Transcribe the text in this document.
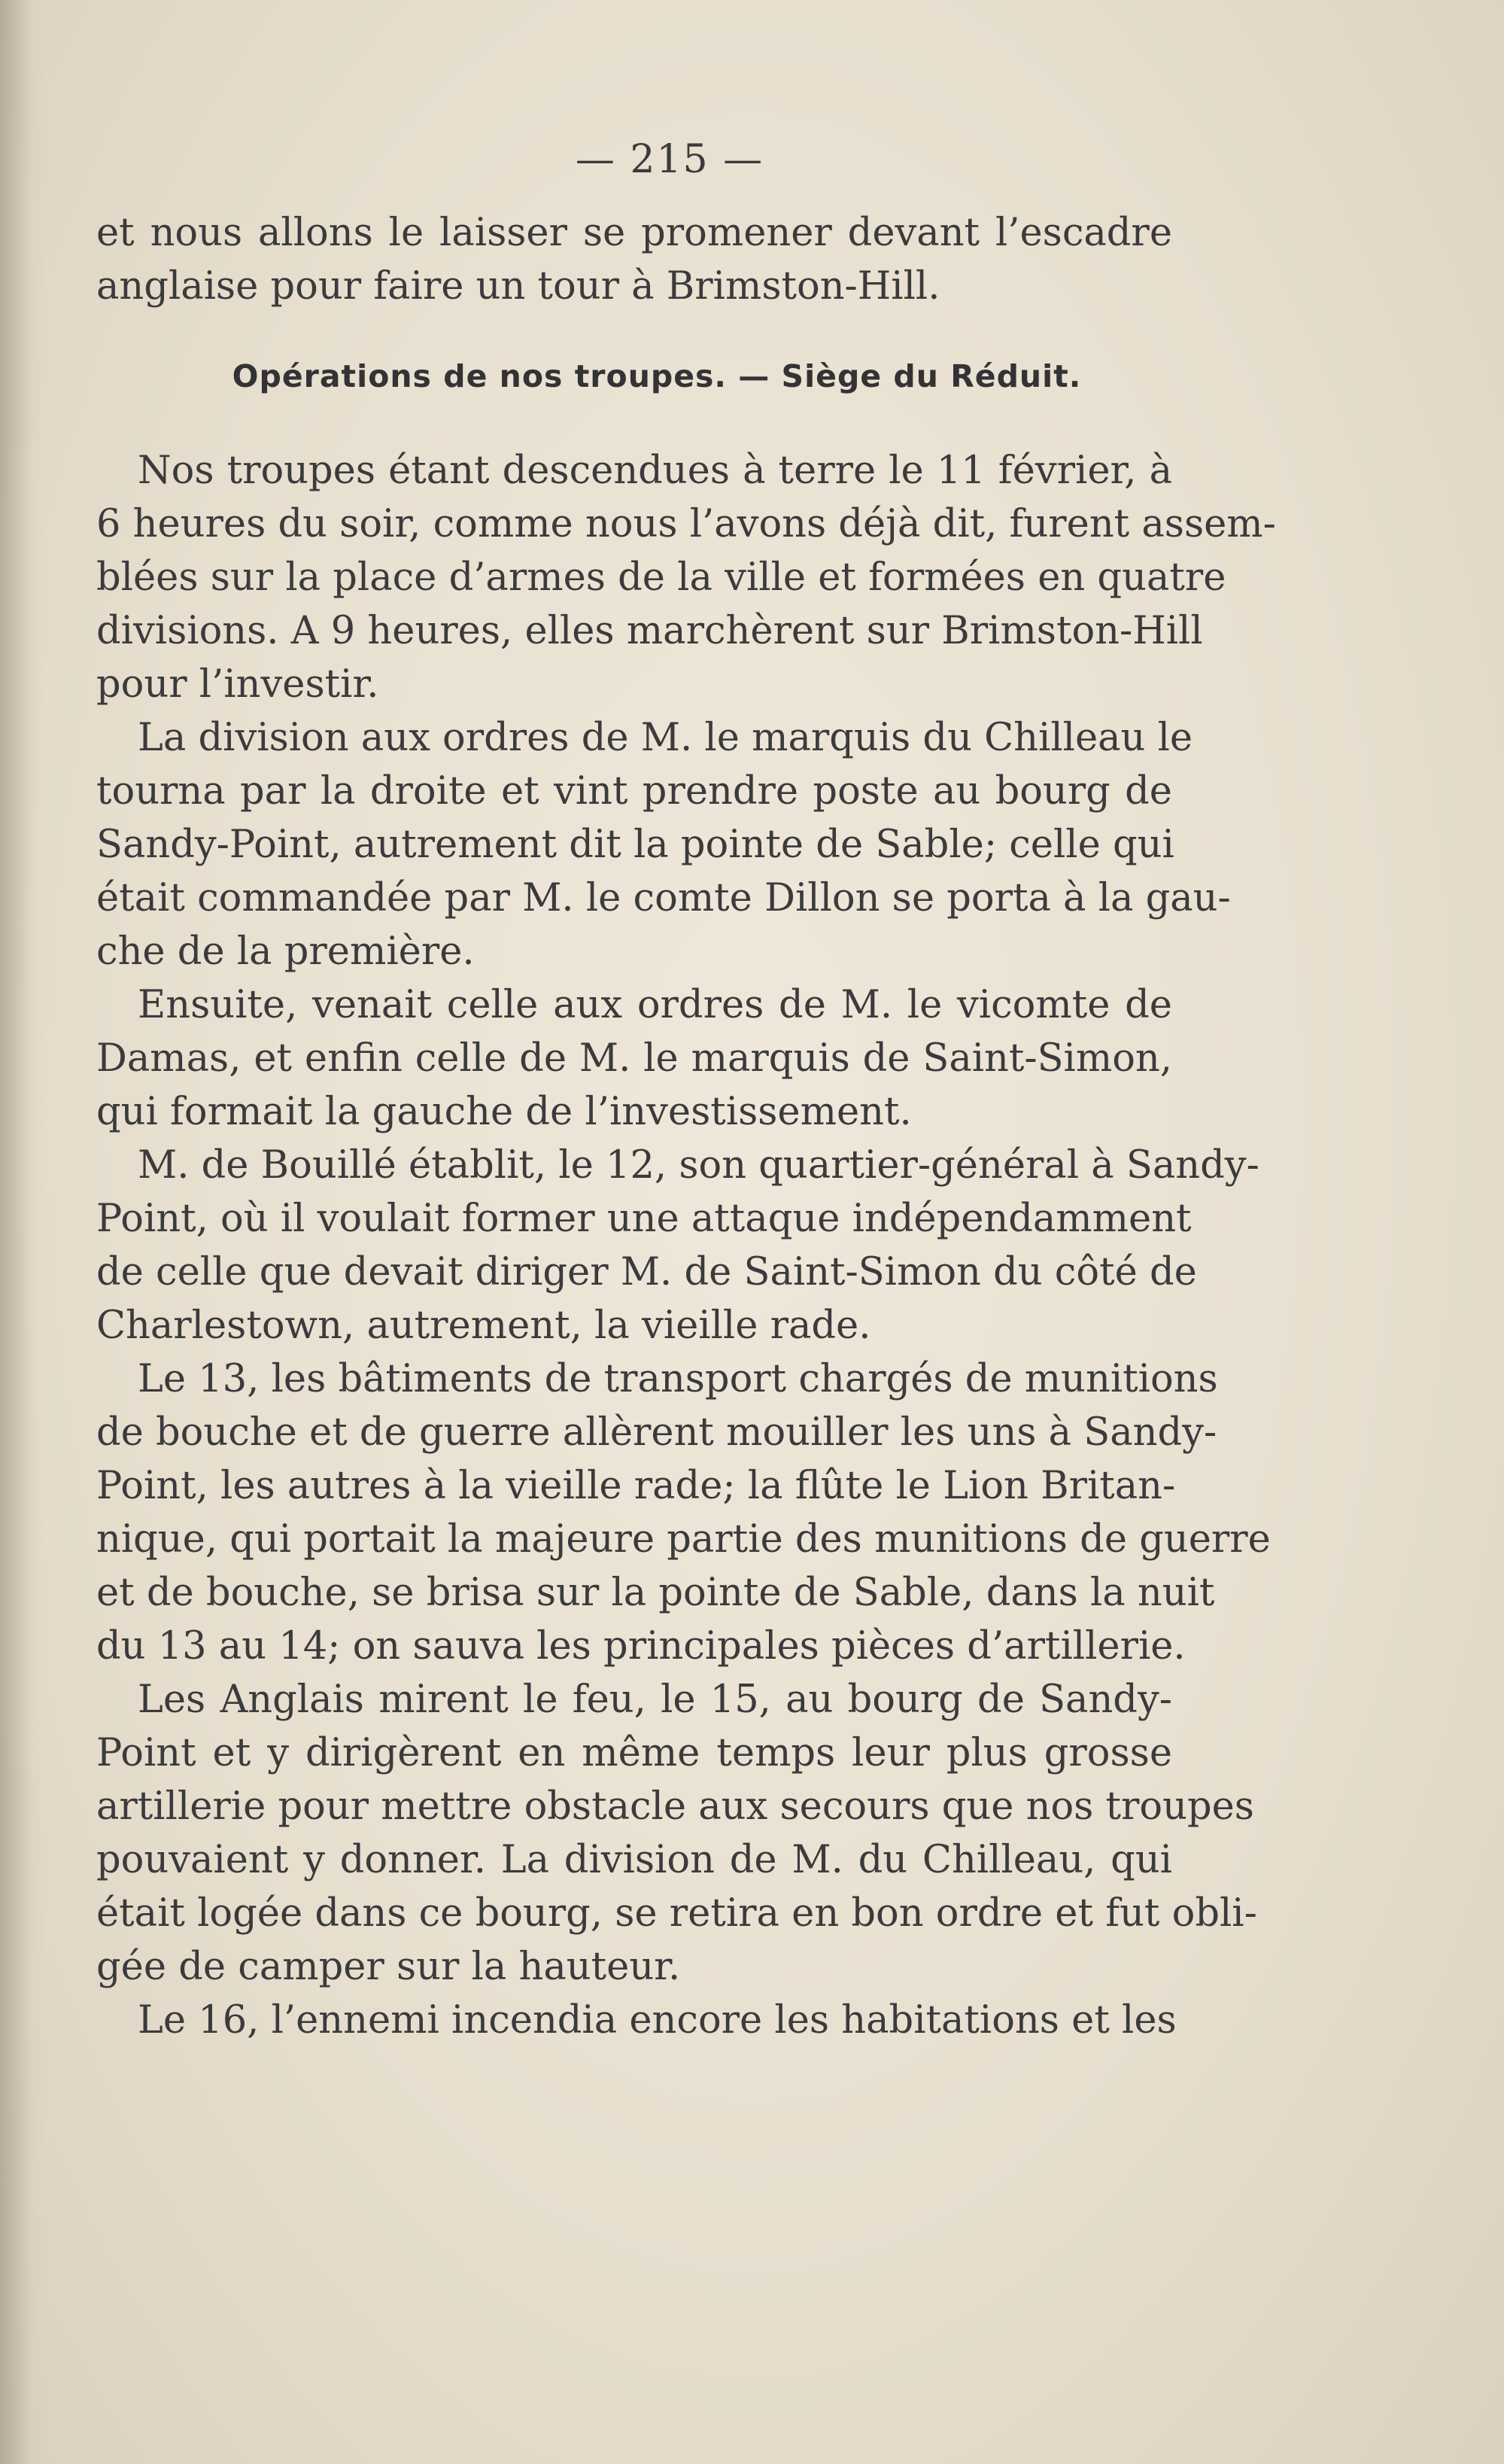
— 215 —
et nous allons le laisser se promener devant l’escadre
anglaise pour faire un tour à Brimston-Hill.
Opérations de nos troupes. — Siège du Réduit.
Nos troupes étant descendues à terre le 11 février, à
6 heures du soir, comme nous l’avons déjà dit, furent assem-
blées sur la place d’armes de la ville et formées en quatre
divisions. A 9 heures, elles marchèrent sur Brimston-Hill
pour l’investir.
La division aux ordres de M. le marquis du Chilleau le
tourna par la droite et vint prendre poste au bourg de
Sandy-Point, autrement dit la pointe de Sable; celle qui
était commandée par M. le comte Dillon se porta à la gau-
che de la première.
Ensuite, venait celle aux ordres de M. le vicomte de
Damas, et enfin celle de M. le marquis de Saint-Simon,
qui formait la gauche de l’investissement.
M. de Bouillé établit, le 12, son quartier-général à Sandy-
Point, où il voulait former une attaque indépendamment
de celle que devait diriger M. de Saint-Simon du côté de
Charlestown, autrement, la vieille rade.
Le 13, les bâtiments de transport chargés de munitions
de bouche et de guerre allèrent mouiller les uns à Sandy-
Point, les autres à la vieille rade; la flûte le Lion Britan-
nique, qui portait la majeure partie des munitions de guerre
et de bouche, se brisa sur la pointe de Sable, dans la nuit
du 13 au 14; on sauva les principales pièces d’artillerie.
Les Anglais mirent le feu, le 15, au bourg de Sandy-
Point et y dirigèrent en même temps leur plus grosse
artillerie pour mettre obstacle aux secours que nos troupes
pouvaient y donner. La division de M. du Chilleau, qui
était logée dans ce bourg, se retira en bon ordre et fut obli-
gée de camper sur la hauteur.
Le 16, l’ennemi incendia encore les habitations et les
